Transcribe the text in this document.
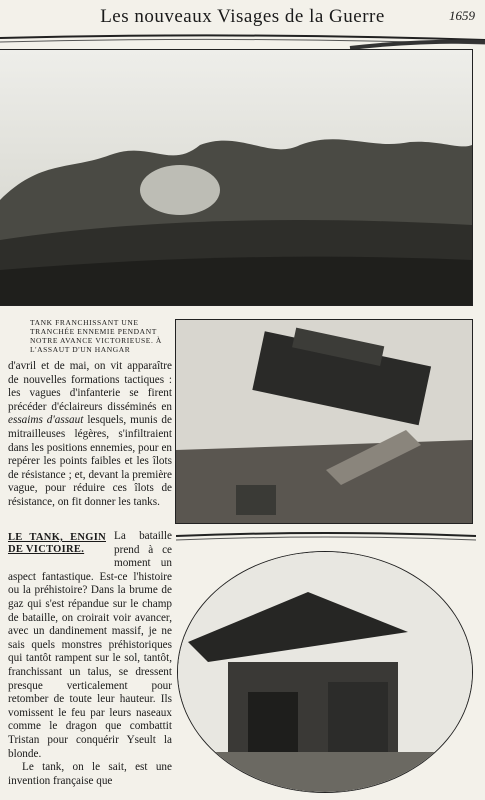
Les nouveaux Visages de la Guerre	1659
TANK FRANCHISSANT UNE TRANCHÉE ENNEMIE PENDANT NOTRE AVANCE VICTORIEUSE. À L'ASSAUT D'UN HANGAR

d'avril et de mai, on vit apparaître de nouvelles formations tactiques : les vagues d'infanterie se firent précéder d'éclaireurs disséminés en essaims d'assaut lesquels, munis de mitrailleuses légères, s'infiltraient dans les positions ennemies, pour en repérer les points faibles et les îlots de résistance ; et, devant la première vague, pour réduire ces îlots de résistance, on fit donner les tanks.

LE TANK, ENGIN DE VICTOIRE.

La bataille prend à ce moment un aspect fantastique. Est-ce l'histoire ou la préhistoire? Dans la brume de gaz qui s'est répandue sur le champ de bataille, on croirait voir avancer, avec un dandinement massif, je ne sais quels monstres préhistoriques qui tantôt rampent sur le sol, tantôt, franchissant un talus, se dressent presque verticalement pour retomber de toute leur hauteur. Ils vomissent le feu par leurs naseaux comme le dragon que combattit Tristan pour conquérir Yseult la blonde.

Le tank, on le sait, est une invention française que
